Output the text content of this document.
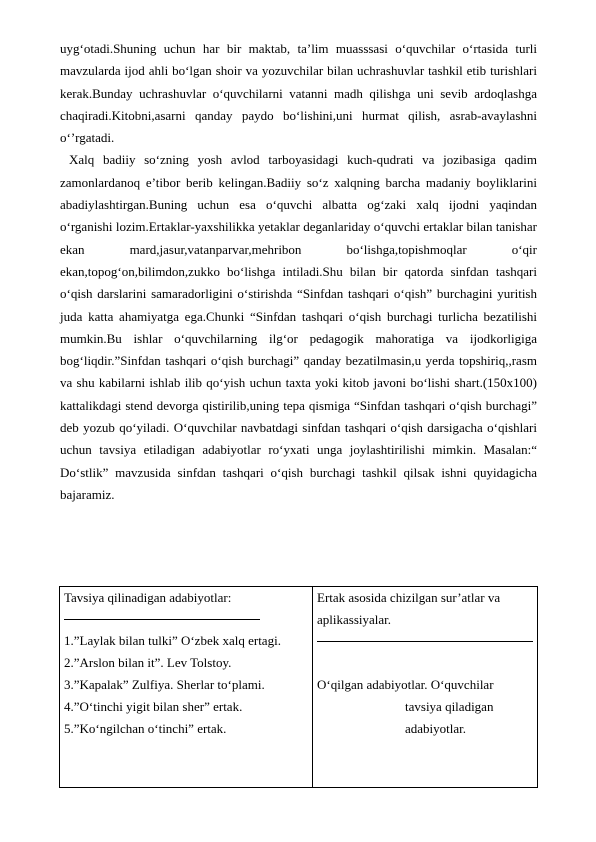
uyg‘otadi.Shuning uchun har bir maktab, ta’lim muasssasi o‘quvchilar o‘rtasida turli mavzularda ijod ahli bo‘lgan shoir va yozuvchilar bilan uchrashuvlar tashkil etib turishlari kerak.Bunday uchrashuvlar o‘quvchilarni vatanni madh qilishga uni sevib ardoqlashga chaqiradi.Kitobni,asarni qanday paydo bo‘lishini,uni hurmat qilish, asrab-avaylashni o‘’rgatadi.

Xalq badiiy so‘zning yosh avlod tarboyasidagi kuch-qudrati va jozibasiga qadim zamonlardanoq e’tibor berib kelingan.Badiiy so‘z xalqning barcha madaniy boyliklarini abadiylashtirgan.Buning uchun esa o‘quvchi albatta og‘zaki xalq ijodni yaqindan o‘rganishi lozim.Ertaklar-yaxshilikka yetaklar deganlariday o‘quvchi ertaklar bilan tanishar ekan mard,jasur,vatanparvar,mehribon bo‘lishga,topishmoqlar o‘qir ekan,topog‘on,bilimdon,zukko bo‘lishga intiladi.Shu bilan bir qatorda sinfdan tashqari o‘qish darslarini samaradorligini o‘stirishda “Sinfdan tashqari o‘qish” burchagini yuritish juda katta ahamiyatga ega.Chunki “Sinfdan tashqari o‘qish burchagi turlicha bezatilishi mumkin.Bu ishlar o‘quvchilarning ilg‘or pedagogik mahoratiga va ijodkorligiga bog‘liqdir.”Sinfdan tashqari o‘qish burchagi” qanday bezatilmasin,u yerda topshiriq,,rasm va shu kabilarni ishlab ilib qo‘yish uchun taxta yoki kitob javoni bo‘lishi shart.(150x100) kattalikdagi stend devorga qistirilib,uning tepa qismiga “Sinfdan tashqari o‘qish burchagi” deb yozub qo‘yiladi. O‘quvchilar navbatdagi sinfdan tashqari o‘qish darsigacha o‘qishlari uchun tavsiya etiladigan adabiyotlar ro‘yxati unga joylashtirilishi mimkin. Masalan:“ Do‘stlik” mavzusida sinfdan tashqari o‘qish burchagi tashkil qilsak ishni quyidagicha bajaramiz.

Tavsiya qilinadigan adabiyotlar:
1.”Laylak bilan tulki” O‘zbek xalq ertagi.
2.”Arslon bilan it”. Lev Tolstoy.
3.”Kapalak” Zulfiya. Sherlar to‘plami.
4.”O‘tinchi yigit bilan sher” ertak.
5.”Ko‘ngilchan o‘tinchi” ertak.

Ertak asosida chizilgan sur’atlar va
aplikassiyalar.
O‘qilgan adabiyotlar. O‘quvchilar
tavsiya qiladigan
adabiyotlar.
